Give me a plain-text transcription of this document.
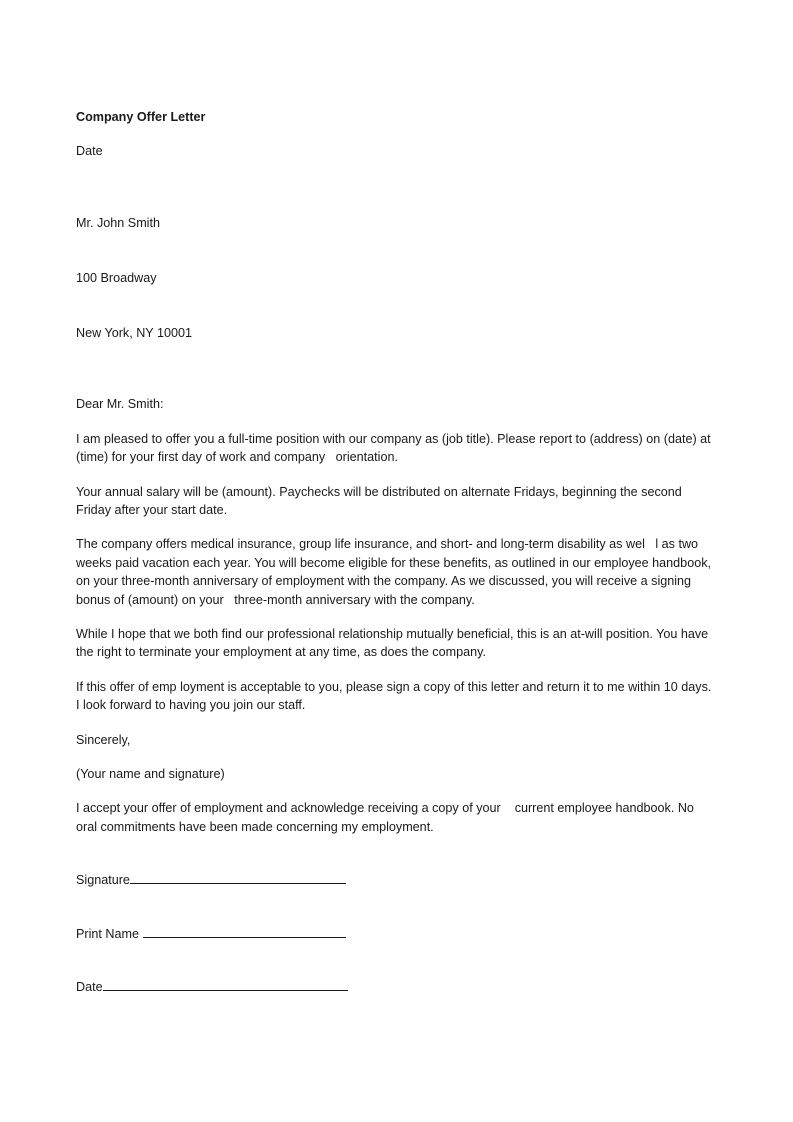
Company Offer Letter
Date

Mr. John Smith

100 Broadway

New York, NY 10001

Dear Mr. Smith:
I am pleased to offer you a full-time position with our company as (job title). Please report to (address) on (date) at (time) for your first day of work and company   orientation.
Your annual salary will be (amount). Paychecks will be distributed on alternate Fridays, beginning the second Friday after your start date.
The company offers medical insurance, group life insurance, and short- and long-term disability as wel   l as two weeks paid vacation each year. You will become eligible for these benefits, as outlined in our employee handbook, on your three-month anniversary of employment with the company. As we discussed, you will receive a signing bonus of (amount) on your   three-month anniversary with the company.
While I hope that we both find our professional relationship mutually beneficial, this is an at-will position. You have the right to terminate your employment at any time, as does the company.
If this offer of emp loyment is acceptable to you, please sign a copy of this letter and return it to me within 10 days. I look forward to having you join our staff.
Sincerely,
(Your name and signature)
I accept your offer of employment and acknowledge receiving a copy of your    current employee handbook. No oral commitments have been made concerning my employment.
Signature
Print Name
Date
